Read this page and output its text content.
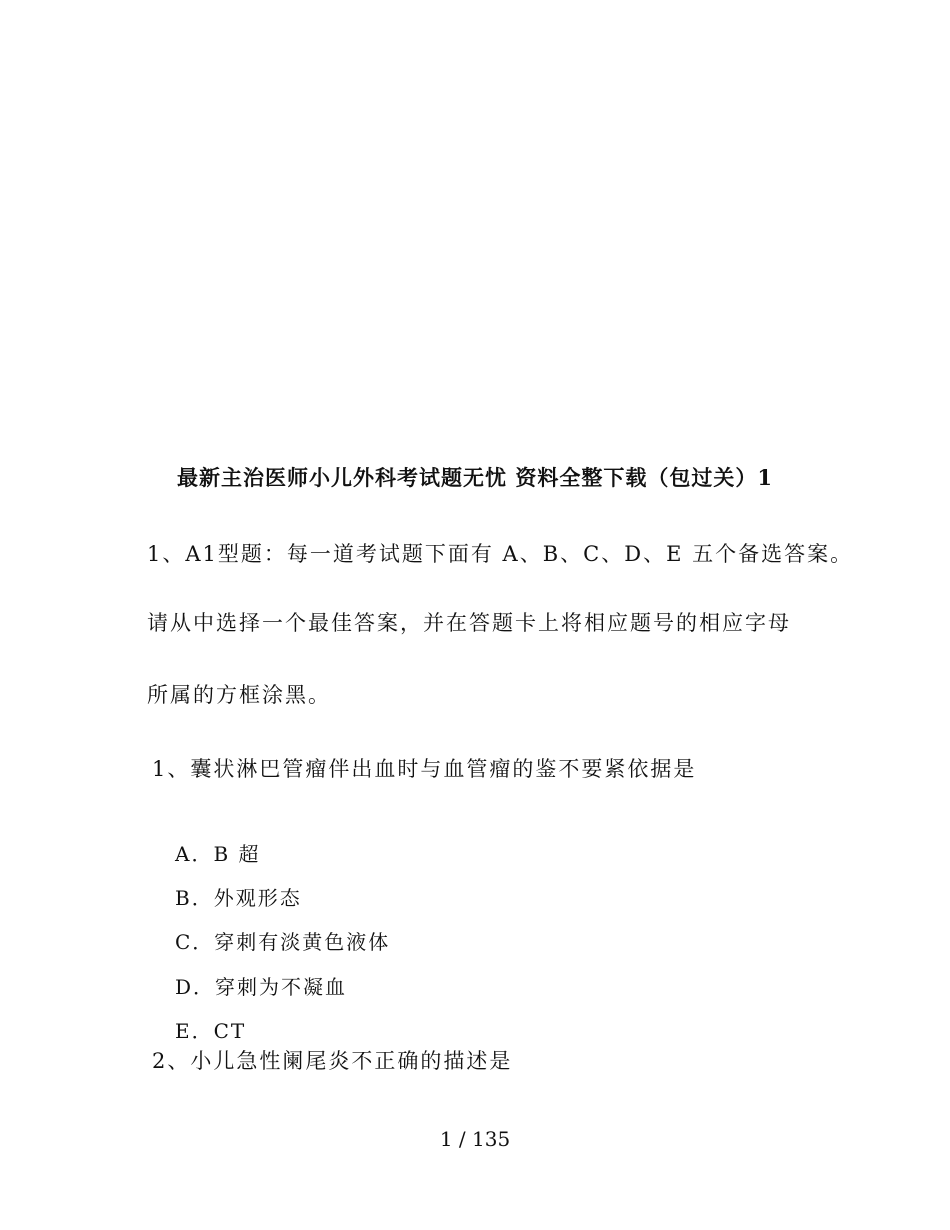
最新主治医师小儿外科考试题无忧 资料全整下载（包过关）1
1、A1型题：每一道考试题下面有 A、B、C、D、E 五个备选答案。
请从中选择一个最佳答案，并在答题卡上将相应题号的相应字母
所属的方框涂黑。
1、囊状淋巴管瘤伴出血时与血管瘤的鉴不要紧依据是
A．B 超
B．外观形态
C．穿刺有淡黄色液体
D．穿刺为不凝血
E．CT
2、小儿急性阑尾炎不正确的描述是
1 / 135
